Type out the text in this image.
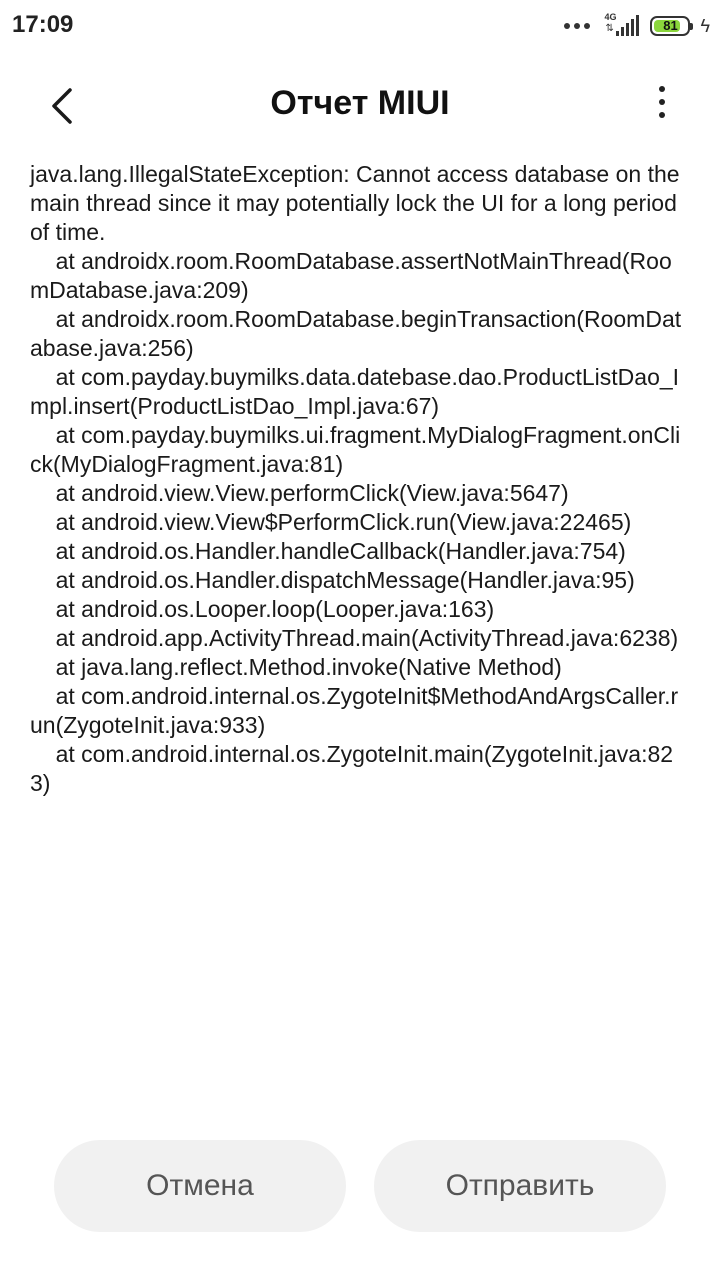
17:09	4G
⇅	81 ϟ
Отчет MIUI
java.lang.IllegalStateException: Cannot access database on the main thread since it may potentially lock the UI for a long period of time.
at androidx.room.RoomDatabase.assertNotMainThread(RoomDatabase.java:209)
at androidx.room.RoomDatabase.beginTransaction(RoomDatabase.java:256)
at com.payday.buymilks.data.datebase.dao.ProductListDao_Impl.insert(ProductListDao_Impl.java:67)
at com.payday.buymilks.ui.fragment.MyDialogFragment.onClick(MyDialogFragment.java:81)
at android.view.View.performClick(View.java:5647)
at android.view.View$PerformClick.run(View.java:22465)
at android.os.Handler.handleCallback(Handler.java:754)
at android.os.Handler.dispatchMessage(Handler.java:95)
at android.os.Looper.loop(Looper.java:163)
at android.app.ActivityThread.main(ActivityThread.java:6238)
at java.lang.reflect.Method.invoke(Native Method)
at com.android.internal.os.ZygoteInit$MethodAndArgsCaller.run(ZygoteInit.java:933)
at com.android.internal.os.ZygoteInit.main(ZygoteInit.java:823)
Отмена	Отправить
